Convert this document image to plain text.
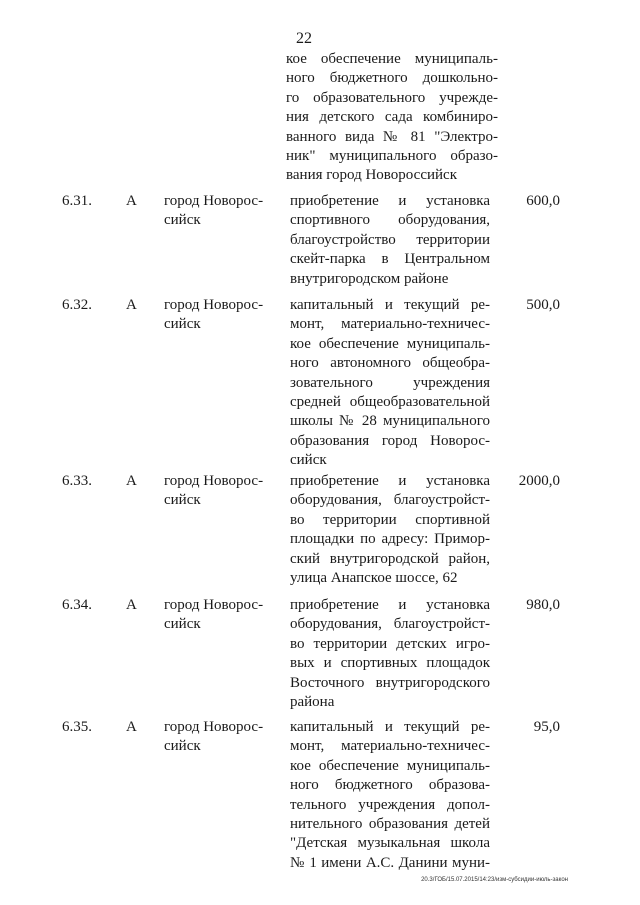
22
кое обеспечение муниципаль-
ного бюджетного дошкольно-
го образовательного учрежде-
ния детского сада комбиниро-
ванного вида № 81 "Электро-
ник" муниципального образо-
вания город Новороссийск
6.31. А город Новорос-
сийск
приобретение и установка
спортивного оборудования,
благоустройство территории
скейт-парка в Центральном
внутригородском районе
600,0
6.32. А город Новорос-
сийск
капитальный и текущий ре-
монт, материально-техничес-
кое обеспечение муниципаль-
ного автономного общеобра-
зовательного учреждения
средней общеобразовательной
школы № 28 муниципального
образования город Новорос-
сийск
500,0
6.33. А город Новорос-
сийск
приобретение и установка
оборудования, благоустройст-
во территории спортивной
площадки по адресу: Примор-
ский внутригородской район,
улица Анапское шоссе, 62
2000,0
6.34. А город Новорос-
сийск
приобретение и установка
оборудования, благоустройст-
во территории детских игро-
вых и спортивных площадок
Восточного внутригородского
района
980,0
6.35. А город Новорос-
сийск
капитальный и текущий ре-
монт, материально-техничес-
кое обеспечение муниципаль-
ного бюджетного образова-
тельного учреждения допол-
нительного образования детей
"Детская музыкальная школа
№ 1 имени А.С. Данини муни-
95,0
20.3/ГОБ/15.07.2015/14:23/изм-субсидии-июль-закон
